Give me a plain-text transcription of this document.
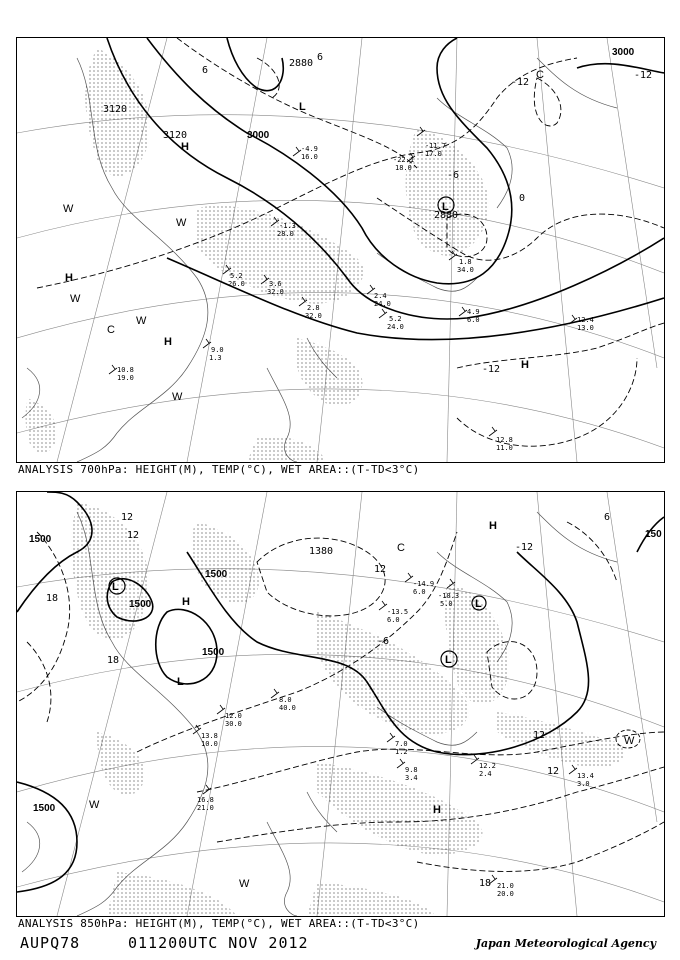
3000
3000
3120
3120
2880
2880
-12
-12
-12
-6
0
6
6
H
H
H
H
L
L
C
C
W
W
W
W
W
-4.9
16.0
-11.7
17.0
-22.1
18.0
-1.3
28.0
5.2
26.0	3.6
32.0
2.8
32.0
2.4
24.0
5.2
24.0
4.9
6.0	12.4
13.0
12.8
11.0
10.8
19.0
9.0
1.3
1.8
34.0
ANALYSIS 700hPa: HEIGHT(M), TEMP(°C), WET AREA::(T-TD<3°C)
1500
1500
1500
1500
1500
150
1380
12
12
12
12
12
18
18
18
6
-6
-12
H
H
H
L
L
L
L
C
W
W
W
-14.9
6.0
-13.5
6.0
-10.3
5.0
7.0
1.2
9.8
3.4
12.2
2.4	13.4
3.0
16.8
21.0
13.8
10.0
21.0
20.0
12.0
30.0
8.0
40.0
ANALYSIS 850hPa: HEIGHT(M), TEMP(°C), WET AREA::(T-TD<3°C)
AUPQ78	011200UTC NOV 2012	Japan Meteorological Agency
